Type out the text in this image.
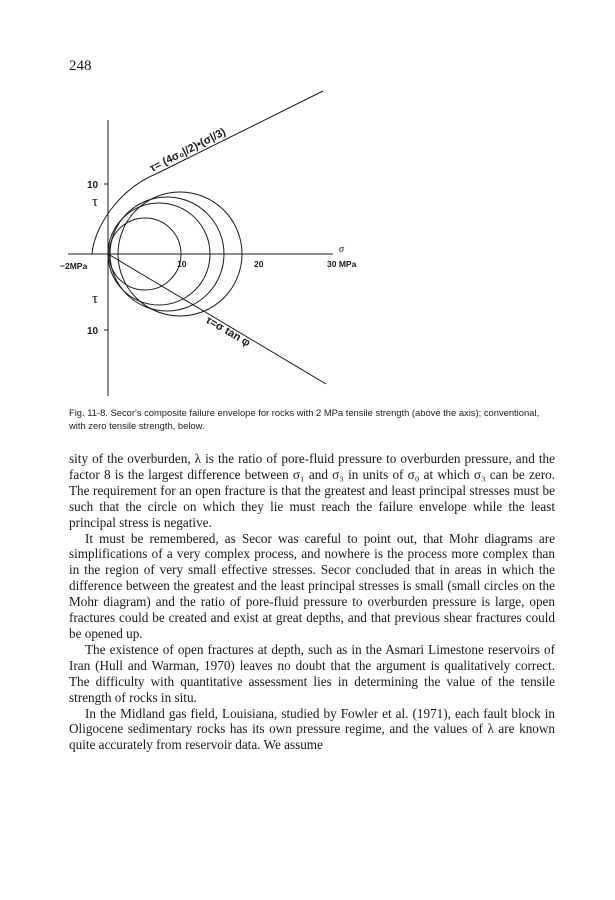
248
10
10
−2MPa	10	20	30 MPa
τ
τ
σ
τ= (4σ₀|/2)•(σ|/3)
τ=σ tan φ
Fig. 11-8. Secor's composite failure envelope for rocks with 2 MPa tensile strength (above the axis); conventional, with zero tensile strength, below.

sity of the overburden, λ is the ratio of pore-fluid pressure to overburden pressure, and the factor 8 is the largest difference between σ₁ and σ₃ in units of σ₀ at which σ₃ can be zero. The requirement for an open fracture is that the greatest and least principal stresses must be such that the circle on which they lie must reach the failure envelope while the least principal stress is negative.

It must be remembered, as Secor was careful to point out, that Mohr diagrams are simplifications of a very complex process, and nowhere is the process more complex than in the region of very small effective stresses. Secor concluded that in areas in which the difference between the greatest and the least principal stresses is small (small circles on the Mohr diagram) and the ratio of pore-fluid pressure to overburden pressure is large, open fractures could be created and exist at great depths, and that previous shear fractures could be opened up.

The existence of open fractures at depth, such as in the Asmari Limestone reservoirs of Iran (Hull and Warman, 1970) leaves no doubt that the argument is qualitatively correct. The difficulty with quantitative assessment lies in determining the value of the tensile strength of rocks in situ.

In the Midland gas field, Louisiana, studied by Fowler et al. (1971), each fault block in Oligocene sedimentary rocks has its own pressure regime, and the values of λ are known quite accurately from reservoir data. We assume
